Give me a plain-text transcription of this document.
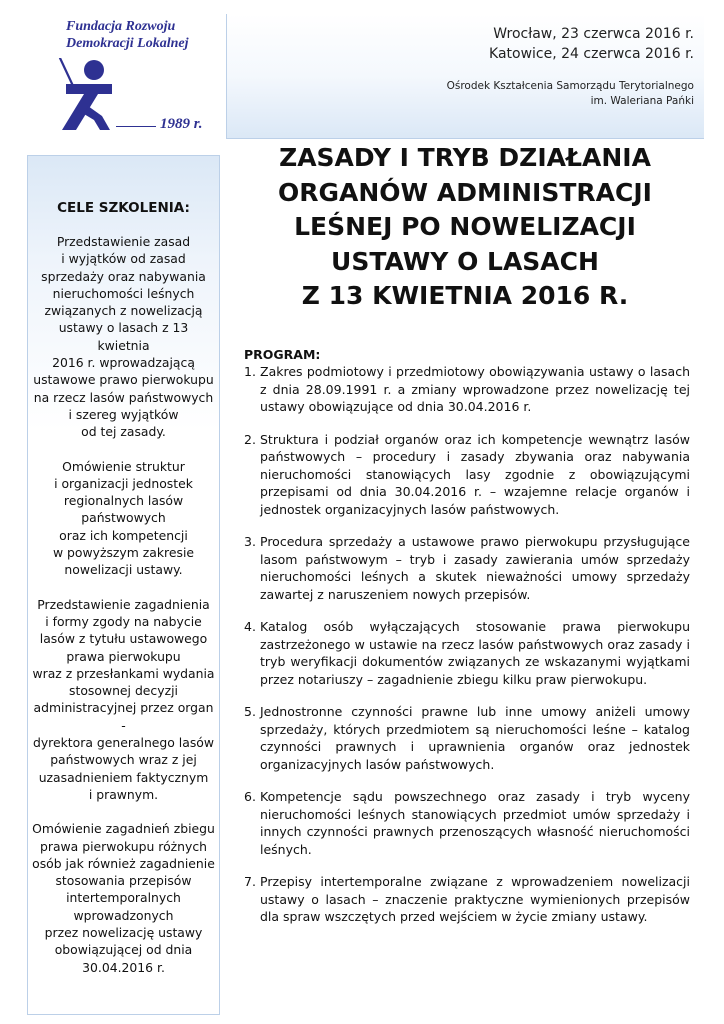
Fundacja Rozwoju
Demokracji Lokalnej

1989 r.
Wrocław, 23 czerwca 2016 r.
Katowice, 24 czerwca 2016 r.
Ośrodek Kształcenia Samorządu Terytorialnego
im. Waleriana Pańki

CELE SZKOLENIA:

Przedstawienie zasad
i wyjątków od zasad
sprzedaży oraz nabywania
nieruchomości leśnych
związanych z nowelizacją
ustawy o lasach z 13 kwietnia
2016 r. wprowadzającą
ustawowe prawo pierwokupu
na rzecz lasów państwowych
i szereg wyjątków
od tej zasady.

Omówienie struktur
i organizacji jednostek
regionalnych lasów
państwowych
oraz ich kompetencji
w powyższym zakresie
nowelizacji ustawy.

Przedstawienie zagadnienia
i formy zgody na nabycie
lasów z tytułu ustawowego
prawa pierwokupu
wraz z przesłankami wydania
stosownej decyzji
administracyjnej przez organ -
dyrektora generalnego lasów
państwowych wraz z jej
uzasadnieniem faktycznym
i prawnym.

Omówienie zagadnień zbiegu
prawa pierwokupu różnych
osób jak również zagadnienie
stosowania przepisów
intertemporalnych
wprowadzonych
przez nowelizację ustawy
obowiązującej od dnia
30.04.2016 r.

ZASADY I TRYB DZIAŁANIA
ORGANÓW ADMINISTRACJI
LEŚNEJ PO NOWELIZACJI
USTAWY O LASACH
Z 13 KWIETNIA 2016 R.

PROGRAM:

1. Zakres podmiotowy i przedmiotowy obowiązywania ustawy o lasach z dnia 28.09.1991 r. a zmiany wprowadzone przez nowelizację tej ustawy obowiązujące od dnia 30.04.2016 r.
2. Struktura i podział organów oraz ich kompetencje wewnątrz lasów państwowych – procedury i zasady zbywania oraz nabywania nieruchomości stanowiących lasy zgodnie z obowiązującymi przepisami od dnia 30.04.2016 r. – wzajemne relacje organów i jednostek organizacyjnych lasów państwowych.
3. Procedura sprzedaży a ustawowe prawo pierwokupu przysługujące lasom państwowym – tryb i zasady zawierania umów sprzedaży nieruchomości leśnych a skutek nieważności umowy sprzedaży zawartej z naruszeniem nowych przepisów.
4. Katalog osób wyłączających stosowanie prawa pierwokupu zastrzeżonego w ustawie na rzecz lasów państwowych oraz zasady i tryb weryfikacji dokumentów związanych ze wskazanymi wyjątkami przez notariuszy – zagadnienie zbiegu kilku praw pierwokupu.
5. Jednostronne czynności prawne lub inne umowy aniżeli umowy sprzedaży, których przedmiotem są nieruchomości leśne – katalog czynności prawnych i uprawnienia organów oraz jednostek organizacyjnych lasów państwowych.
6. Kompetencje sądu powszechnego oraz zasady i tryb wyceny nieruchomości leśnych stanowiących przedmiot umów sprzedaży i innych czynności prawnych przenoszących własność nieruchomości leśnych.
7. Przepisy intertemporalne związane z wprowadzeniem nowelizacji ustawy o lasach – znaczenie praktyczne wymienionych przepisów dla spraw wszczętych przed wejściem w życie zmiany ustawy.
